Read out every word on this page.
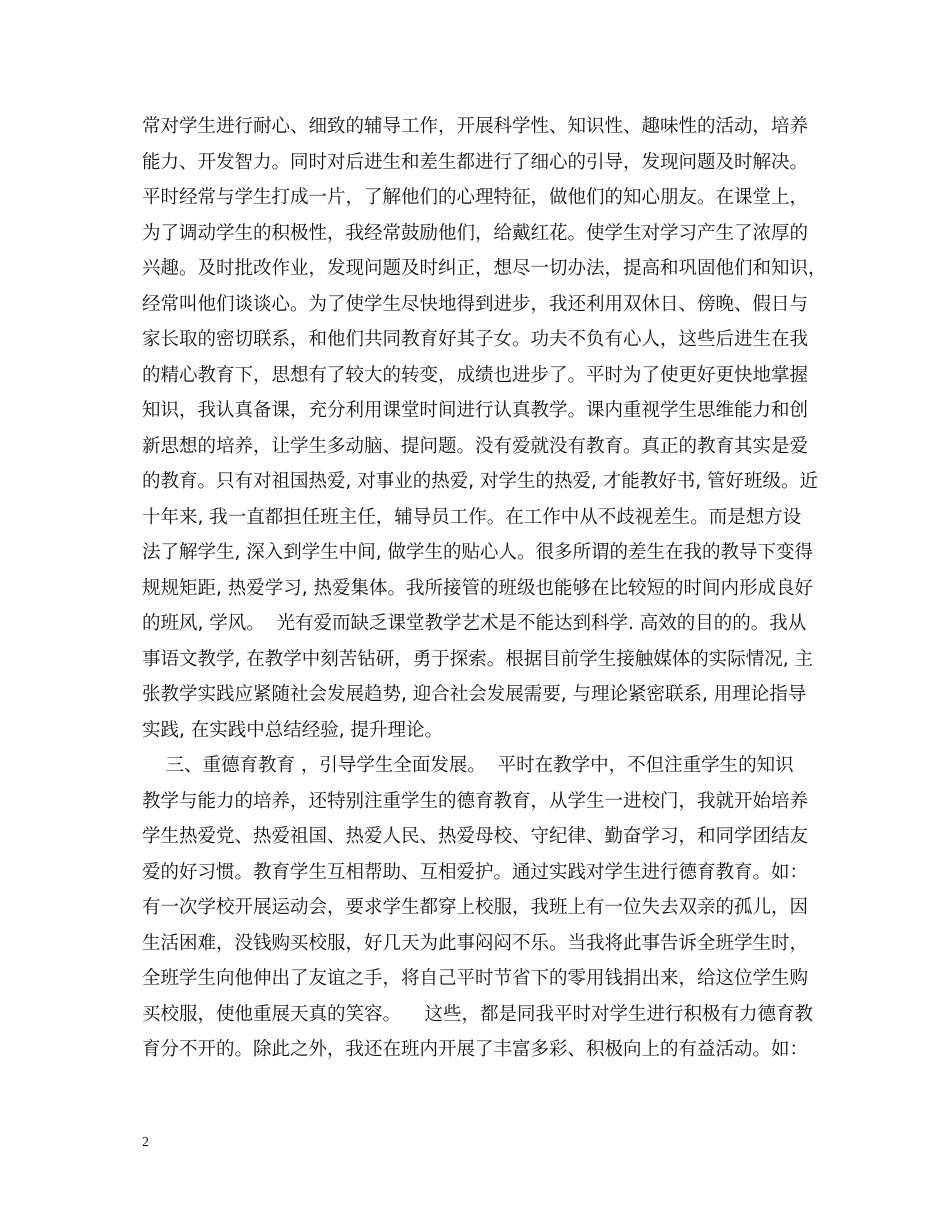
常对学生进行耐心、细致的辅导工作，开展科学性、知识性、趣味性的活动，培养
能力、开发智力。同时对后进生和差生都进行了细心的引导，发现问题及时解决。
平时经常与学生打成一片，了解他们的心理特征，做他们的知心朋友。在课堂上，
为了调动学生的积极性，我经常鼓励他们，给戴红花。使学生对学习产生了浓厚的
兴趣。及时批改作业，发现问题及时纠正，想尽一切办法，提高和巩固他们和知识，
经常叫他们谈谈心。为了使学生尽快地得到进步，我还利用双休日、傍晚、假日与
家长取的密切联系，和他们共同教育好其子女。功夫不负有心人，这些后进生在我
的精心教育下，思想有了较大的转变，成绩也进步了。平时为了使更好更快地掌握
知识，我认真备课，充分利用课堂时间进行认真教学。课内重视学生思维能力和创
新思想的培养，让学生多动脑、提问题。没有爱就没有教育。真正的教育其实是爱
的教育。只有对祖国热爱, 对事业的热爱, 对学生的热爱, 才能教好书, 管好班级。近
十年来, 我一直都担任班主任，辅导员工作。在工作中从不歧视差生。而是想方设
法了解学生, 深入到学生中间, 做学生的贴心人。很多所谓的差生在我的教导下变得
规规矩距, 热爱学习, 热爱集体。我所接管的班级也能够在比较短的时间内形成良好
的班风, 学风。  光有爱而缺乏课堂教学艺术是不能达到科学. 高效的目的的。我从
事语文教学, 在教学中刻苦钻研，勇于探索。根据目前学生接触媒体的实际情况, 主
张教学实践应紧随社会发展趋势, 迎合社会发展需要, 与理论紧密联系, 用理论指导
实践, 在实践中总结经验, 提升理论。
三、重德育教育 ，引导学生全面发展。  平时在教学中，不但注重学生的知识
教学与能力的培养，还特别注重学生的德育教育，从学生一进校门，我就开始培养
学生热爱党、热爱祖国、热爱人民、热爱母校、守纪律、勤奋学习，和同学团结友
爱的好习惯。教育学生互相帮助、互相爱护。通过实践对学生进行德育教育。如：
有一次学校开展运动会，要求学生都穿上校服，我班上有一位失去双亲的孤儿，因
生活困难，没钱购买校服，好几天为此事闷闷不乐。当我将此事告诉全班学生时，
全班学生向他伸出了友谊之手，将自己平时节省下的零用钱捐出来，给这位学生购
买校服，使他重展天真的笑容。    这些，都是同我平时对学生进行积极有力德育教
育分不开的。除此之外，我还在班内开展了丰富多彩、积极向上的有益活动。如：
2
